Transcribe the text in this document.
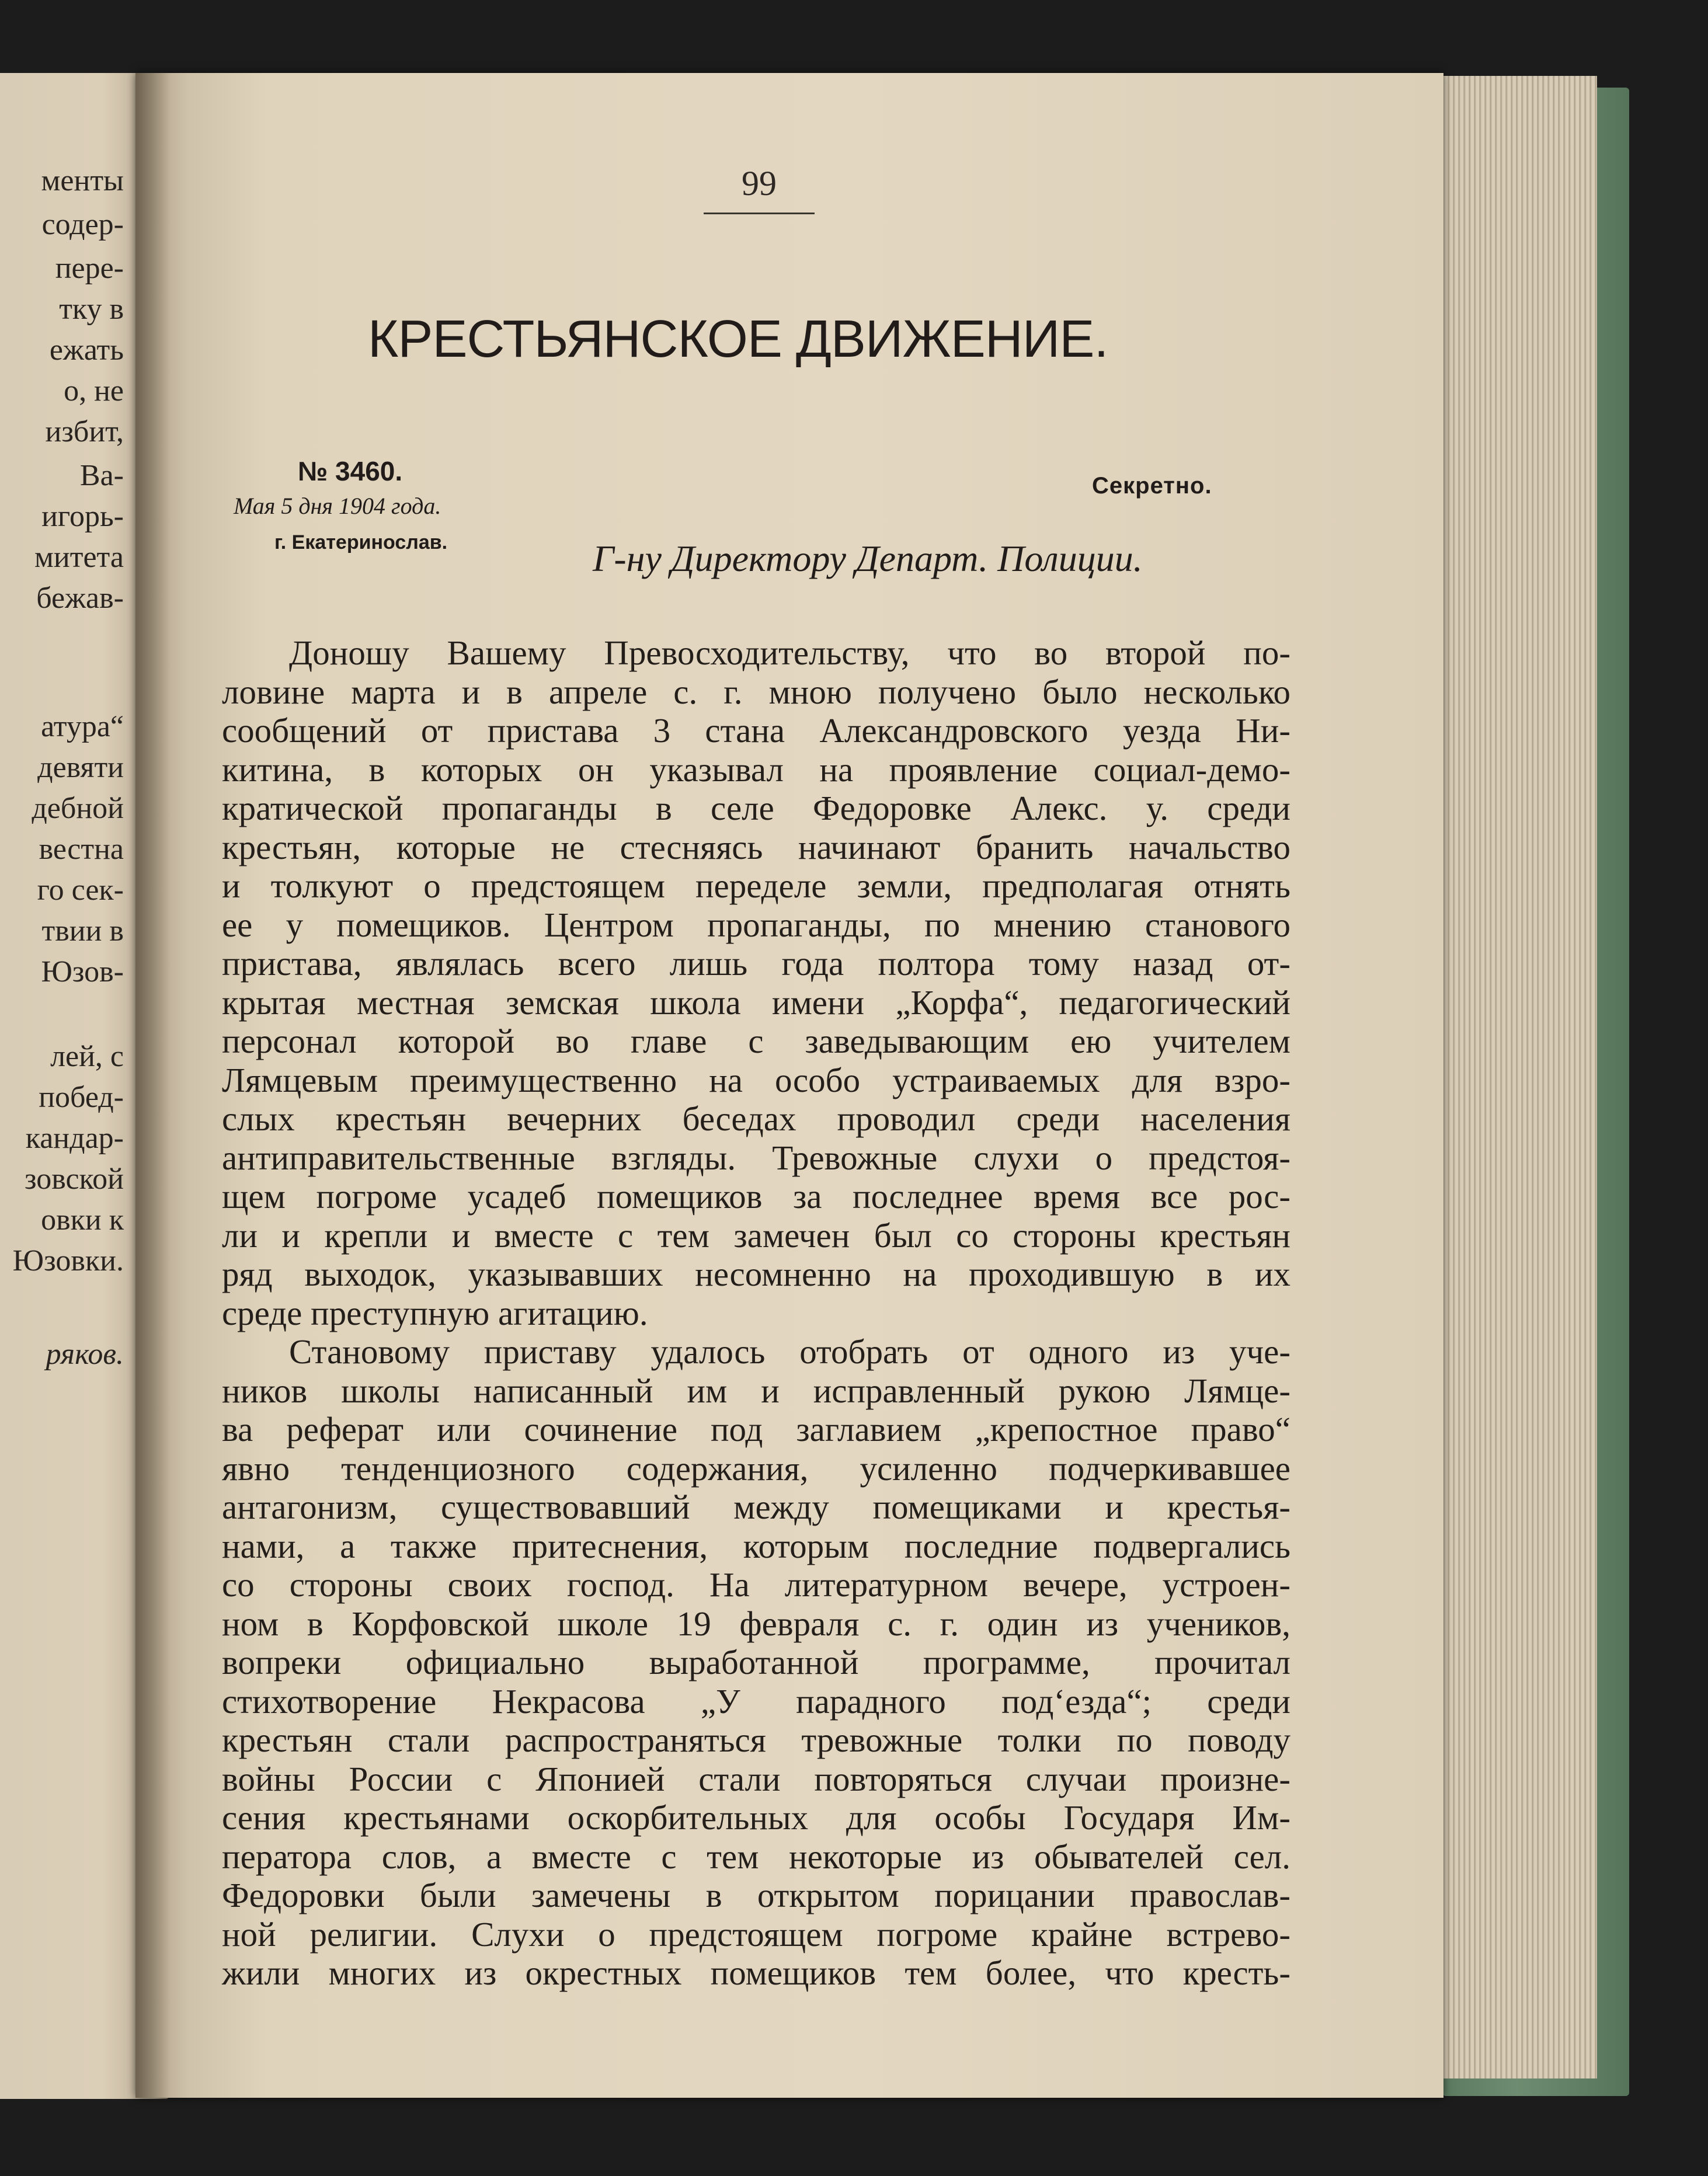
менты
содер-
пере-
тку в
ежать
о, не
избит,
Ва-
игорь-
митета
бежав-
атура“
девяти
дебной
вестна
го сек-
твии в
Юзов-
лей, с
побед-
кандар-
зовской
овки к
Юзовки.
ряков.
99
КРЕСТЬЯНСКОЕ ДВИЖЕНИЕ.
№ 3460.
Мая 5 дня 1904 года.
г. Екатеринослав.
Секретно.
Г-ну Директору Департ. Полиции.
Доношу Вашему Превосходительству, что во второй по-
ловине марта и в апреле с. г. мною получено было несколько
сообщений от пристава 3 стана Александровского уезда Ни-
китина, в которых он указывал на проявление социал-демо-
кратической пропаганды в селе Федоровке Алекс. у. среди
крестьян, которые не стесняясь начинают бранить начальство
и толкуют о предстоящем переделе земли, предполагая отнять
ее у помещиков. Центром пропаганды, по мнению станового
пристава, являлась всего лишь года полтора тому назад от-
крытая местная земская школа имени „Корфа“, педагогический
персонал которой во главе с заведывающим ею учителем
Лямцевым преимущественно на особо устраиваемых для взро-
слых крестьян вечерних беседах проводил среди населения
антиправительственные взгляды. Тревожные слухи о предстоя-
щем погроме усадеб помещиков за последнее время все рос-
ли и крепли и вместе с тем замечен был со стороны крестьян
ряд выходок, указывавших несомненно на проходившую в их
среде преступную агитацию.
Становому приставу удалось отобрать от одного из уче-
ников школы написанный им и исправленный рукою Лямце-
ва реферат или сочинение под заглавием „крепостное право“
явно тенденциозного содержания, усиленно подчеркивавшее
антагонизм, существовавший между помещиками и крестья-
нами, а также притеснения, которым последние подвергались
со стороны своих господ. На литературном вечере, устроен-
ном в Корфовской школе 19 февраля с. г. один из учеников,
вопреки официально выработанной программе, прочитал
стихотворение Некрасова „У парадного под‘езда“; среди
крестьян стали распространяться тревожные толки по поводу
войны России с Японией стали повторяться случаи произне-
сения крестьянами оскорбительных для особы Государя Им-
ператора слов, а вместе с тем некоторые из обывателей сел.
Федоровки были замечены в открытом порицании православ-
ной религии. Слухи о предстоящем погроме крайне встрево-
жили многих из окрестных помещиков тем более, что кресть-
